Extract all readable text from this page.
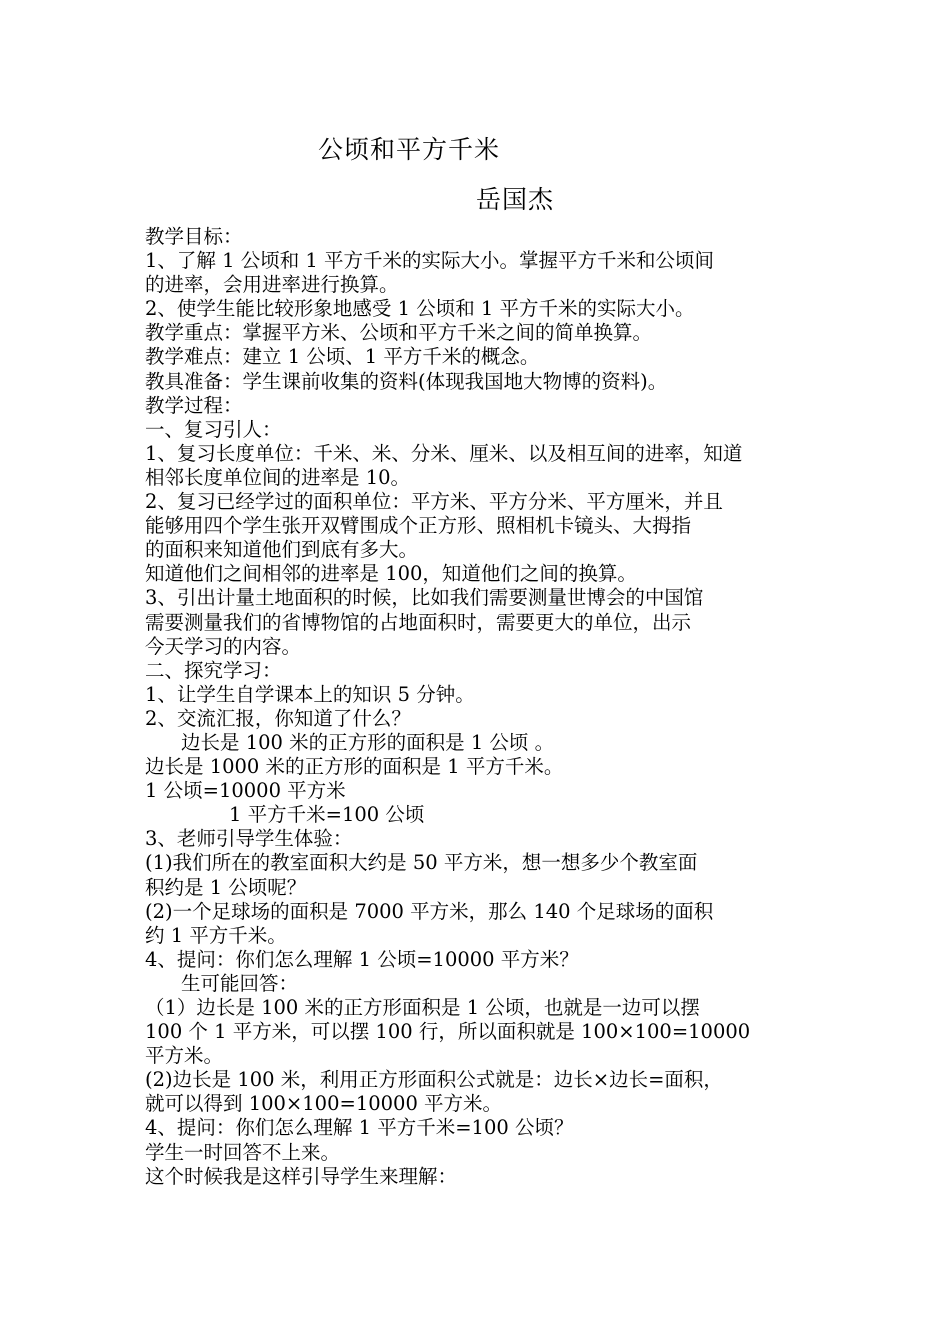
公顷和平方千米
岳国杰
教学目标：
1、了解 1 公顷和 1 平方千米的实际大小。掌握平方千米和公顷间
的进率，会用进率进行换算。
2、使学生能比较形象地感受 1 公顷和 1 平方千米的实际大小。
教学重点：掌握平方米、公顷和平方千米之间的简单换算。
教学难点：建立 1 公顷、1 平方千米的概念。
教具准备：学生课前收集的资料(体现我国地大物博的资料)。
教学过程：
一、复习引人：
1、复习长度单位：千米、米、分米、厘米、以及相互间的进率，知道
相邻长度单位间的进率是 10。
2、复习已经学过的面积单位：平方米、平方分米、平方厘米，并且
能够用四个学生张开双臂围成个正方形、照相机卡镜头、大拇指
的面积来知道他们到底有多大。
知道他们之间相邻的进率是 100，知道他们之间的换算。
3、引出计量土地面积的时候，比如我们需要测量世博会的中国馆
需要测量我们的省博物馆的占地面积时，需要更大的单位，出示
今天学习的内容。
二、探究学习：
1、让学生自学课本上的知识 5 分钟。
2、交流汇报，你知道了什么？
边长是 100 米的正方形的面积是 1 公顷 。
边长是 1000 米的正方形的面积是 1 平方千米。
1 公顷=10000 平方米
1 平方千米=100 公顷
3、老师引导学生体验：
(1)我们所在的教室面积大约是 50 平方米，想一想多少个教室面
积约是 1 公顷呢？
(2)一个足球场的面积是 7000 平方米，那么 140 个足球场的面积
约 1 平方千米。
4、提问：你们怎么理解 1 公顷=10000 平方米？
生可能回答：
（1）边长是 100 米的正方形面积是 1 公顷，也就是一边可以摆
100 个 1 平方米，可以摆 100 行，所以面积就是 100×100=10000
平方米。
(2)边长是 100 米，利用正方形面积公式就是：边长×边长=面积，
就可以得到 100×100=10000 平方米。
4、提问：你们怎么理解 1 平方千米=100 公顷？
学生一时回答不上来。
这个时候我是这样引导学生来理解：
